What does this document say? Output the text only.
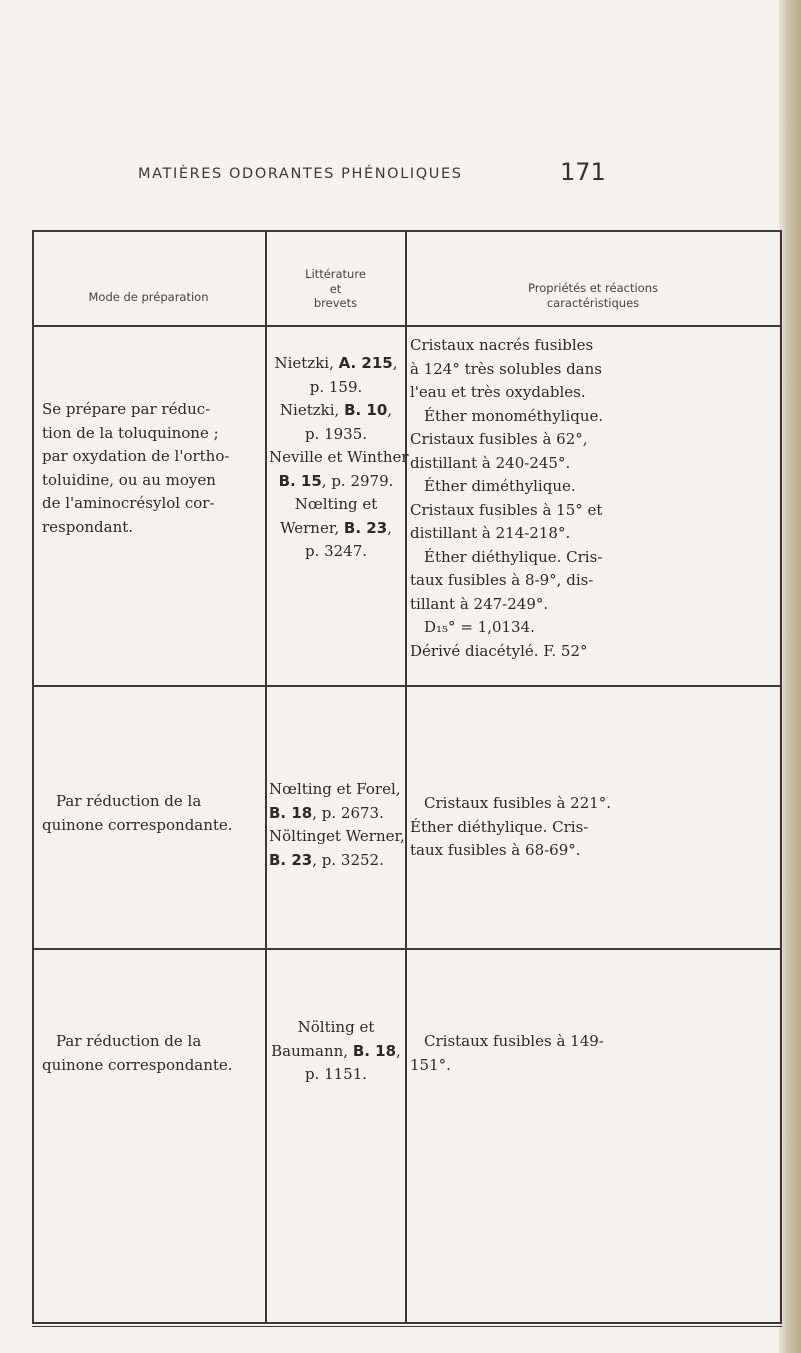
MATIÈRES ODORANTES PHÉNOLIQUES	171
Mode de préparation
Littérature
et
brevets
Propriétés et réactions
caractéristiques
Se prépare par réduc-
tion de la toluquinone ;
par oxydation de l'ortho-
toluidine, ou au moyen
de l'aminocrésylol cor-
respondant.
Nietzki, A. 215,
p. 159.
Nietzki, B. 10,
p. 1935.
Neville et Winther
B. 15, p. 2979.
Nœlting et
Werner, B. 23,
p. 3247.
Cristaux nacrés fusibles
à 124° très solubles dans
l'eau et très oxydables.
Éther monométhylique.
Cristaux fusibles à 62°,
distillant à 240-245°.
Éther diméthylique.
Cristaux fusibles à 15° et
distillant à 214-218°.
Éther diéthylique. Cris-
taux fusibles à 8-9°, dis-
tillant à 247-249°.
D₁₅° = 1,0134.
Dérivé diacétylé. F. 52°
Par réduction de la
quinone correspondante.
Nœlting et Forel,
B. 18, p. 2673.
Nöltinget Werner,
B. 23, p. 3252.
Cristaux fusibles à 221°.
Éther diéthylique. Cris-
taux fusibles à 68-69°.
Par réduction de la
quinone correspondante.
Nölting et
Baumann, B. 18,
p. 1151.
Cristaux fusibles à 149-
151°.
